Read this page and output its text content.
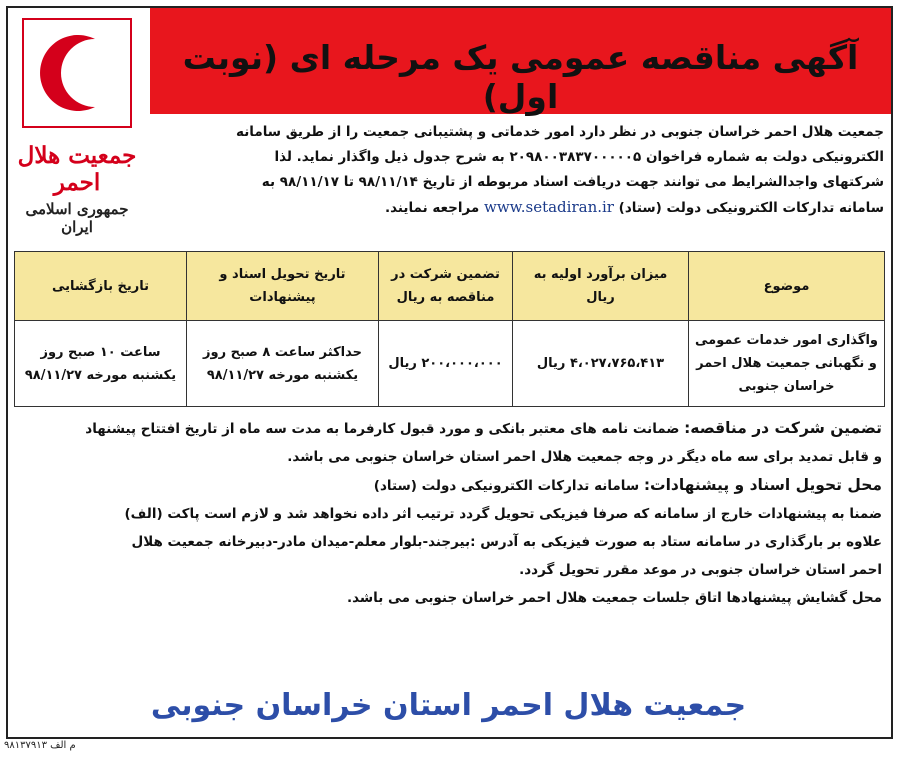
جمعیت هلال احمر
جمهوری اسلامی ایران
آگهی مناقصه عمومی یک مرحله ای (نوبت اول)
جمعیت هلال احمر خراسان جنوبی در نظر دارد امور خدماتی و پشتیبانی جمعیت را از طریق سامانه
الکترونیکی دولت به شماره فراخوان ۲۰۹۸۰۰۳۸۳۷۰۰۰۰۰۵ به شرح جدول ذیل واگذار نماید. لذا
شرکتهای واجدالشرایط می توانند جهت دریافت اسناد مربوطه از تاریخ ۹۸/۱۱/۱۴ تا ۹۸/۱۱/۱۷ به
سامانه تدارکات الکترونیکی دولت (ستاد) www.setadiran.ir مراجعه نمایند.
موضوع	میزان برآورد اولیه به ریال	تضمین شرکت در مناقصه به ریال	تاریخ تحویل اسناد و پیشنهادات	تاریخ بازگشایی
واگذاری امور خدمات عمومی و نگهبانی جمعیت هلال احمر خراسان جنوبی	۴،۰۲۷،۷۶۵،۴۱۳ ریال	۲۰۰،۰۰۰،۰۰۰ ریال	حداکثر ساعت ۸ صبح روز یکشنبه مورخه ۹۸/۱۱/۲۷	ساعت ۱۰ صبح روز یکشنبه مورخه ۹۸/۱۱/۲۷
تضمین شرکت در مناقصه: ضمانت نامه های معتبر بانکی و مورد قبول کارفرما به مدت سه ماه از تاریخ افتتاح پیشنهاد
و قابل تمدید برای سه ماه دیگر در وجه جمعیت هلال احمر استان خراسان جنوبی می باشد.
محل تحویل اسناد و پیشنهادات: سامانه تدارکات الکترونیکی دولت (ستاد)
ضمنا به پیشنهادات خارج از سامانه که صرفا فیزیکی تحویل گردد ترتیب اثر داده نخواهد شد و لازم است پاکت (الف)
علاوه بر بارگذاری در سامانه ستاد به صورت فیزیکی به آدرس :بیرجند-بلوار معلم-میدان مادر-دبیرخانه جمعیت هلال
احمر استان خراسان جنوبی در موعد مقرر تحویل گردد.
محل گشایش پیشنهادها اتاق جلسات جمعیت هلال احمر خراسان جنوبی می باشد.
جمعیت هلال احمر استان خراسان جنوبی
م الف ۹۸۱۳۷۹۱۳
